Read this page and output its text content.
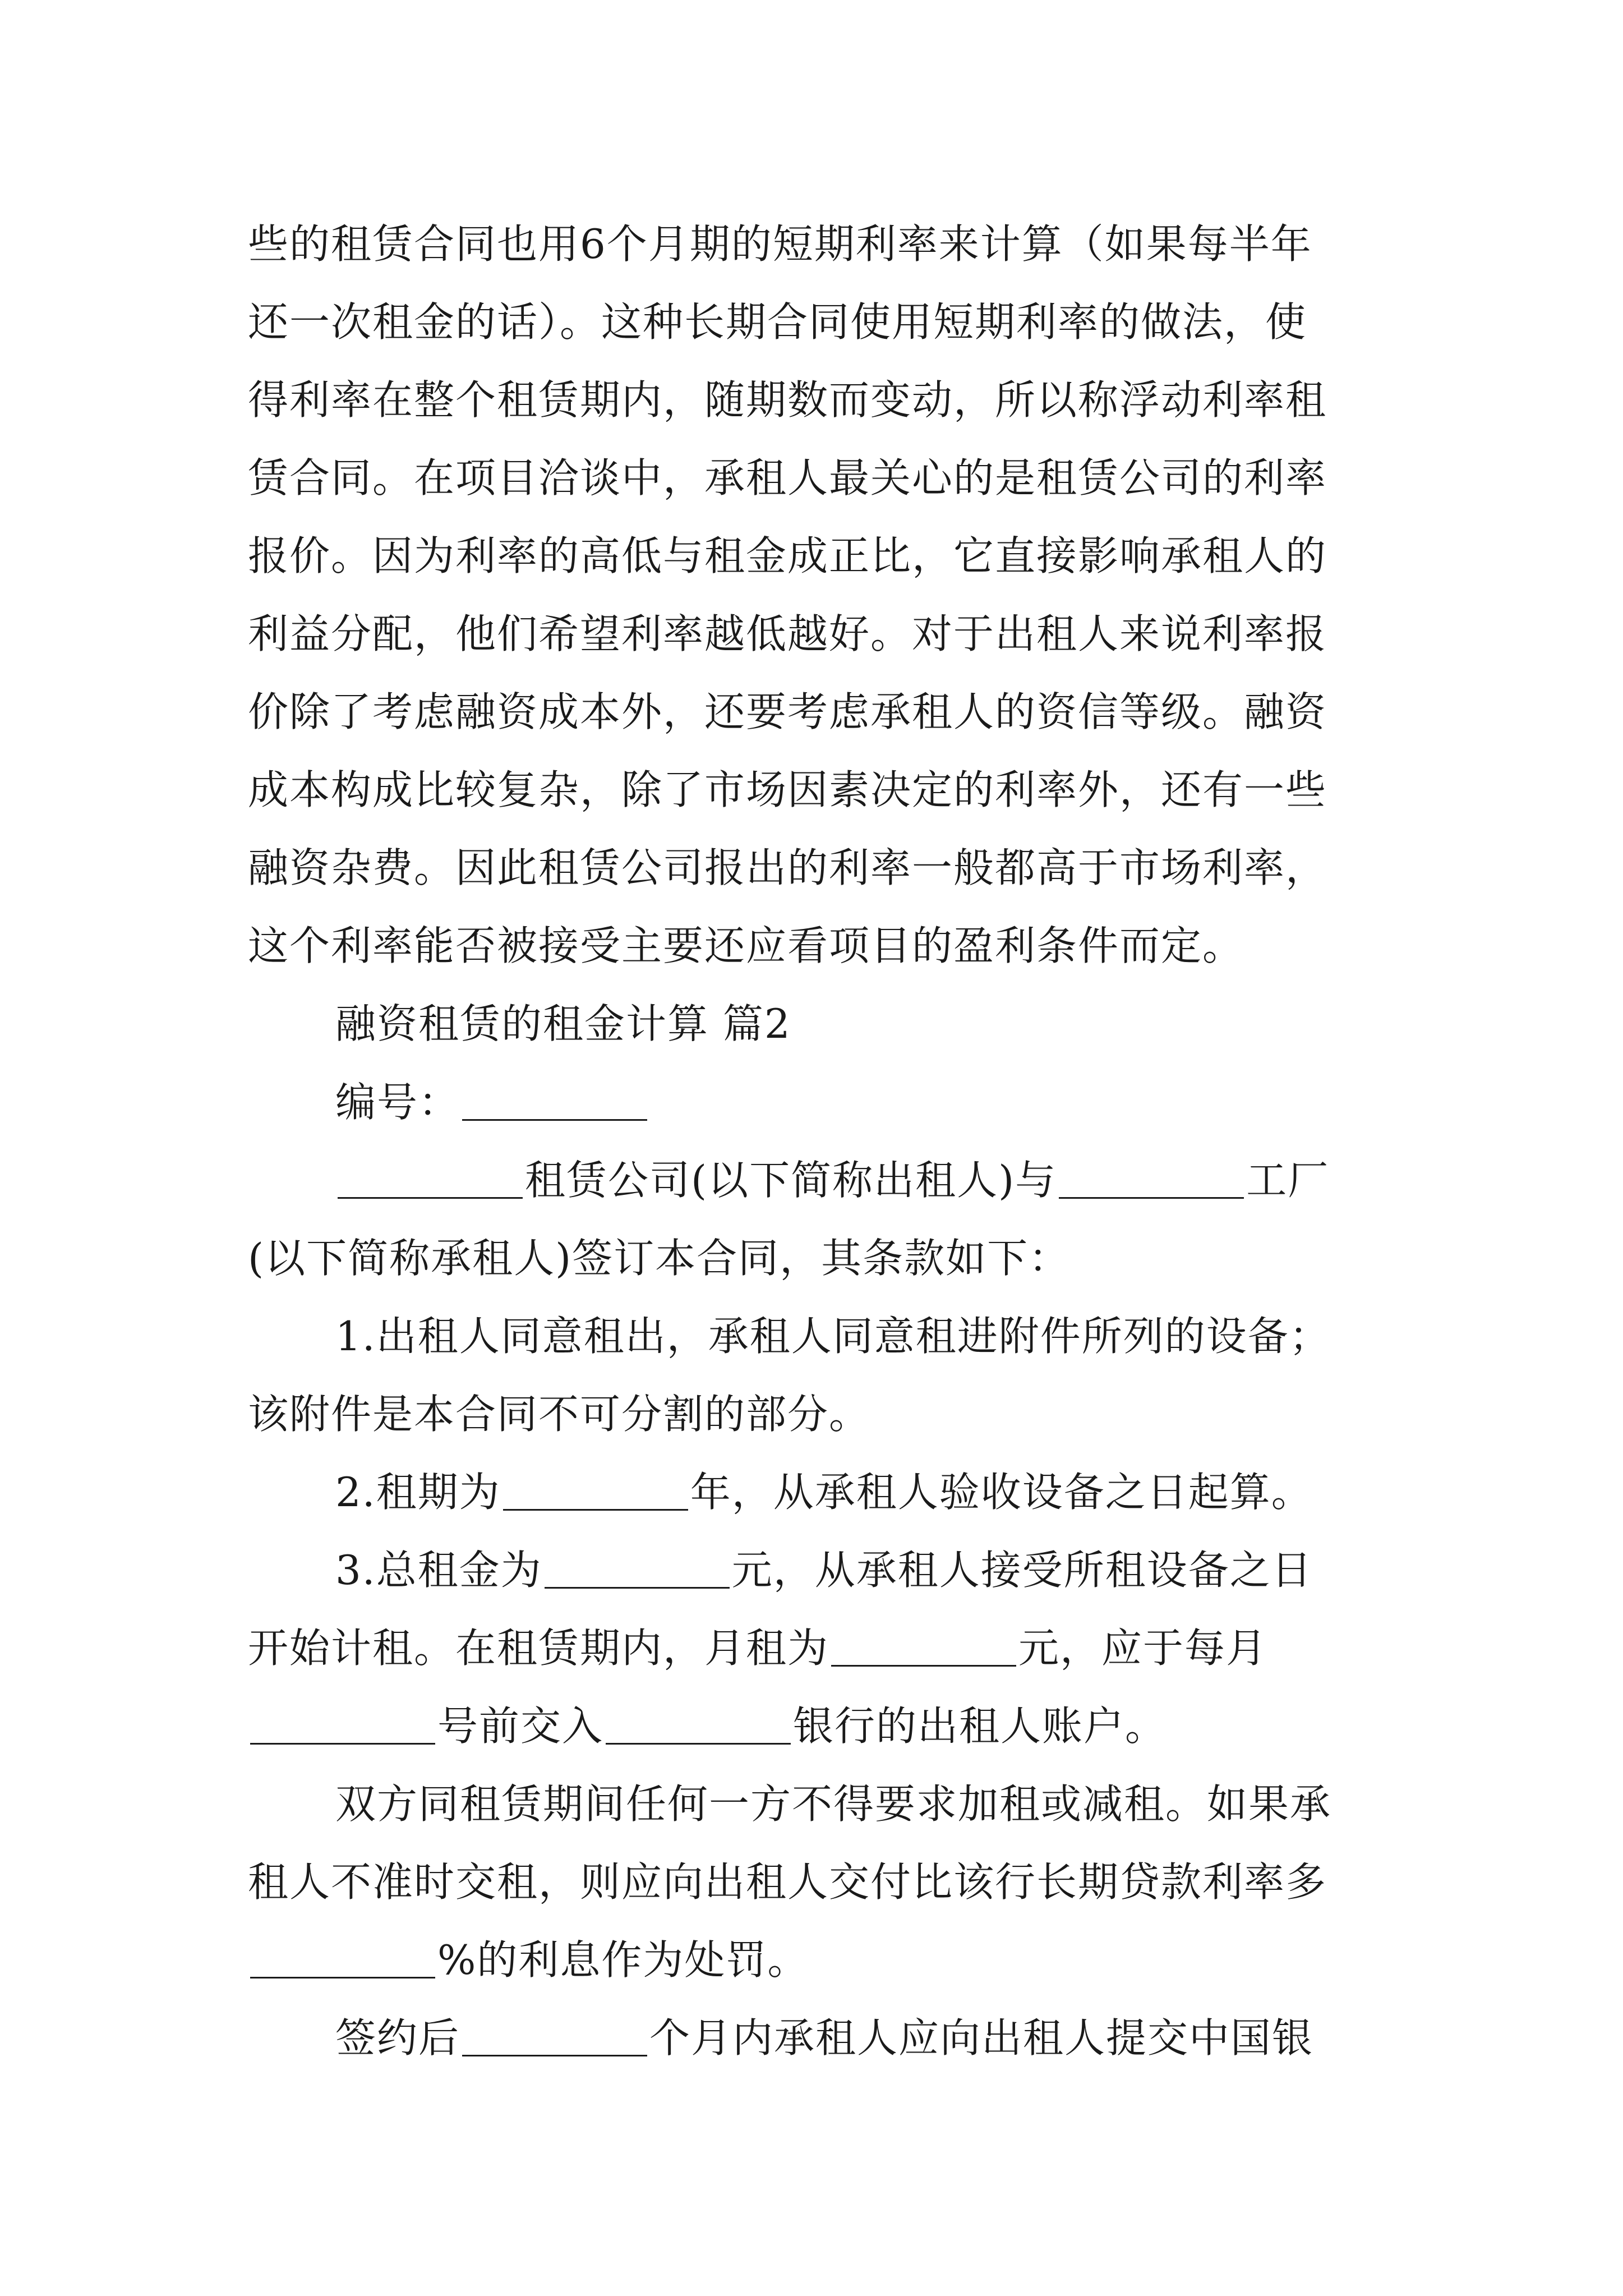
些的租赁合同也用6个月期的短期利率来计算（如果每半年
还一次租金的话）。这种长期合同使用短期利率的做法，使
得利率在整个租赁期内，随期数而变动，所以称浮动利率租
赁合同。在项目洽谈中，承租人最关心的是租赁公司的利率
报价。因为利率的高低与租金成正比，它直接影响承租人的
利益分配，他们希望利率越低越好。对于出租人来说利率报
价除了考虑融资成本外，还要考虑承租人的资信等级。融资
成本构成比较复杂，除了市场因素决定的利率外，还有一些
融资杂费。因此租赁公司报出的利率一般都高于市场利率，
这个利率能否被接受主要还应看项目的盈利条件而定。
融资租赁的租金计算 篇2
编号：
租赁公司(以下简称出租人)与	工厂
(以下简称承租人)签订本合同，其条款如下：
1.出租人同意租出，承租人同意租进附件所列的设备；
该附件是本合同不可分割的部分。
2.租期为	年，从承租人验收设备之日起算。
3.总租金为	元，从承租人接受所租设备之日
开始计租。在租赁期内，月租为	元，应于每月
号前交入	银行的出租人账户。
双方同租赁期间任何一方不得要求加租或减租。如果承
租人不准时交租，则应向出租人交付比该行长期贷款利率多
%的利息作为处罚。
签约后	个月内承租人应向出租人提交中国银
